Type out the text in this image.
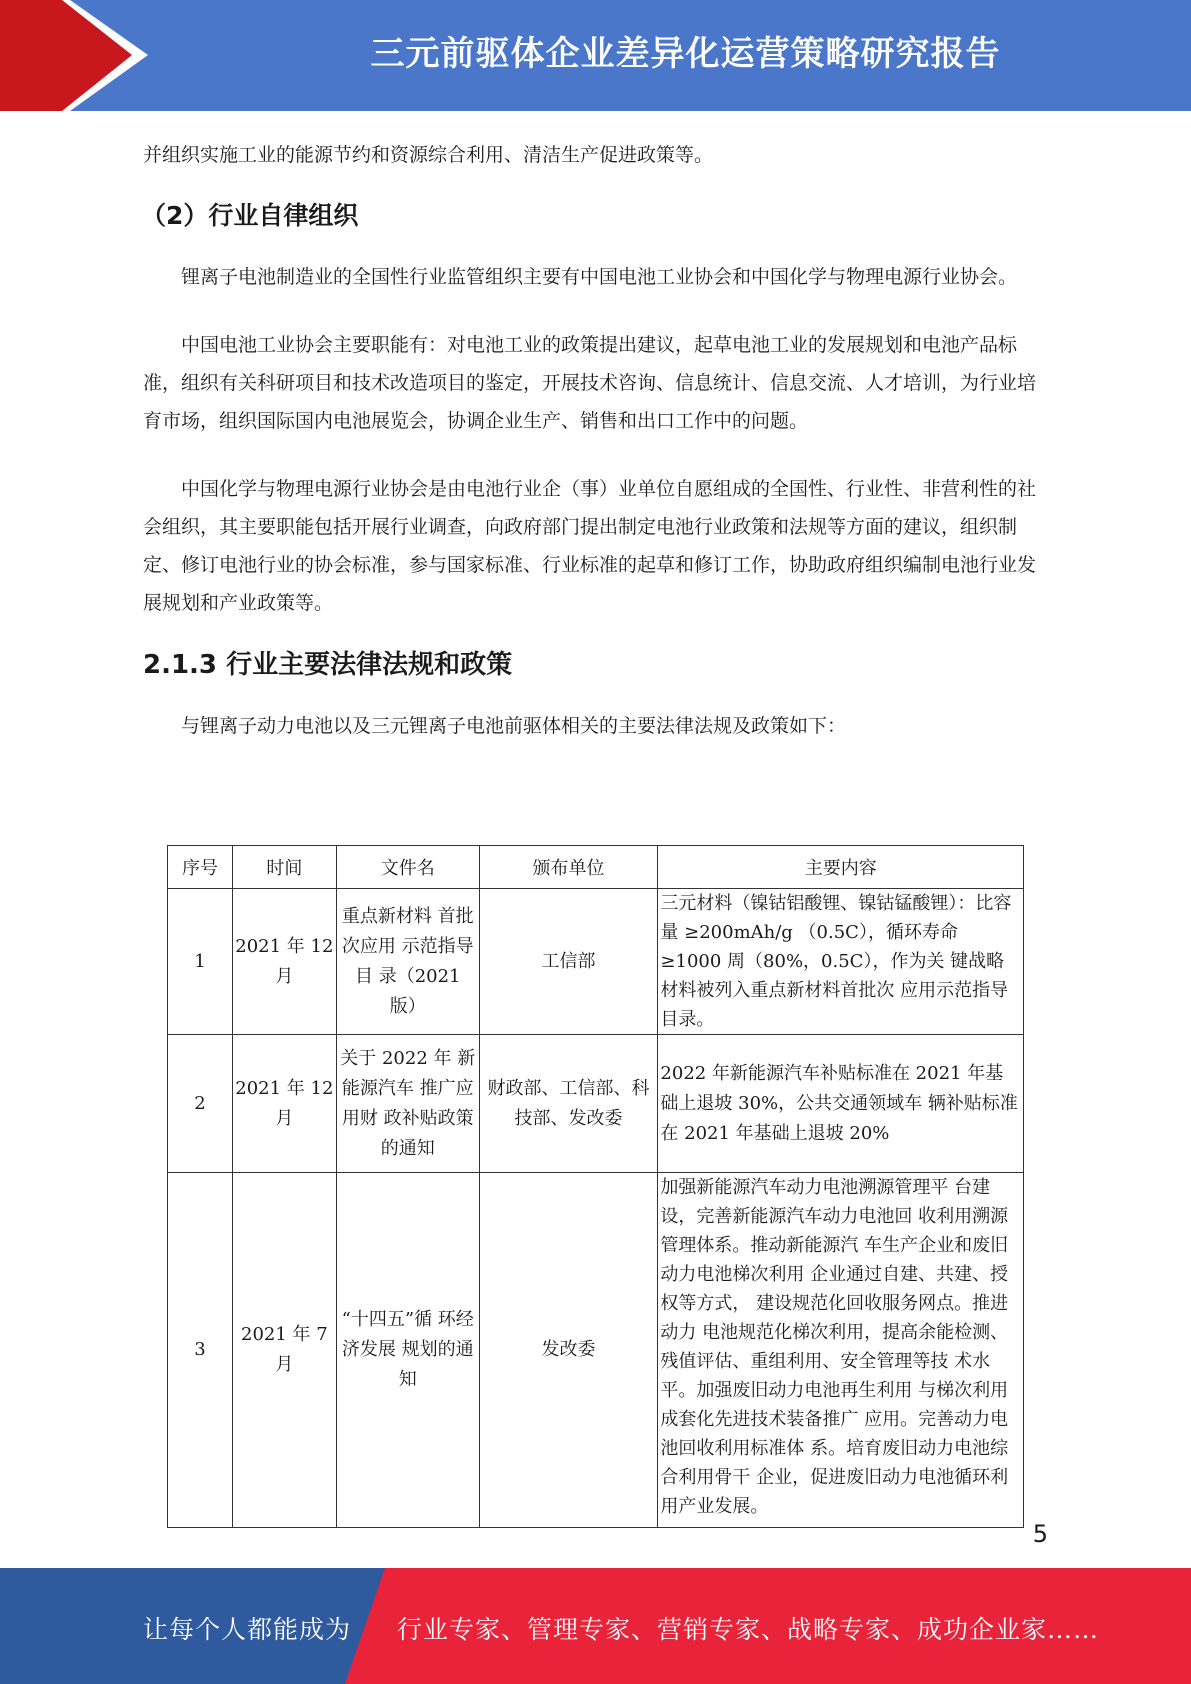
三元前驱体企业差异化运营策略研究报告

并组织实施工业的能源节约和资源综合利用、清洁生产促进政策等。

（2）行业自律组织

锂离子电池制造业的全国性行业监管组织主要有中国电池工业协会和中国化学与物理电源行业协会。

中国电池工业协会主要职能有：对电池工业的政策提出建议，起草电池工业的发展规划和电池产品标准，组织有关科研项目和技术改造项目的鉴定，开展技术咨询、信息统计、信息交流、人才培训，为行业培育市场，组织国际国内电池展览会，协调企业生产、销售和出口工作中的问题。

中国化学与物理电源行业协会是由电池行业企（事）业单位自愿组成的全国性、行业性、非营利性的社会组织，其主要职能包括开展行业调查，向政府部门提出制定电池行业政策和法规等方面的建议，组织制定、修订电池行业的协会标准，参与国家标准、行业标准的起草和修订工作，协助政府组织编制电池行业发展规划和产业政策等。

2.1.3 行业主要法律法规和政策

与锂离子动力电池以及三元锂离子电池前驱体相关的主要法律法规及政策如下：

序号	时间	文件名	颁布单位	主要内容
1	2021 年 12 月	重点新材料 首批次应用 示范指导目 录（2021 版）	工信部	三元材料（镍钴铝酸锂、镍钴锰酸锂）：比容量 ≥200mAh/g （0.5C），循环寿命 ≥1000 周（80%，0.5C），作为关 键战略材料被列入重点新材料首批次 应用示范指导目录。
2	2021 年 12 月	关于 2022 年 新能源汽车 推广应用财 政补贴政策 的通知	财政部、工信部、科技部、发改委	2022 年新能源汽车补贴标准在 2021 年基础上退坡 30%，公共交通领域车 辆补贴标准在 2021 年基础上退坡 20%
3	2021 年 7 月	“十四五”循 环经济发展 规划的通知	发改委	加强新能源汽车动力电池溯源管理平 台建设，完善新能源汽车动力电池回 收利用溯源管理体系。推动新能源汽 车生产企业和废旧动力电池梯次利用 企业通过自建、共建、授权等方式， 建设规范化回收服务网点。推进动力 电池规范化梯次利用，提高余能检测、 残值评估、重组利用、安全管理等技 术水平。加强废旧动力电池再生利用 与梯次利用成套化先进技术装备推广 应用。完善动力电池回收利用标准体 系。培育废旧动力电池综合利用骨干 企业，促进废旧动力电池循环利用产业发展。
5
让每个人都能成为 行业专家、管理专家、营销专家、战略专家、成功企业家……
